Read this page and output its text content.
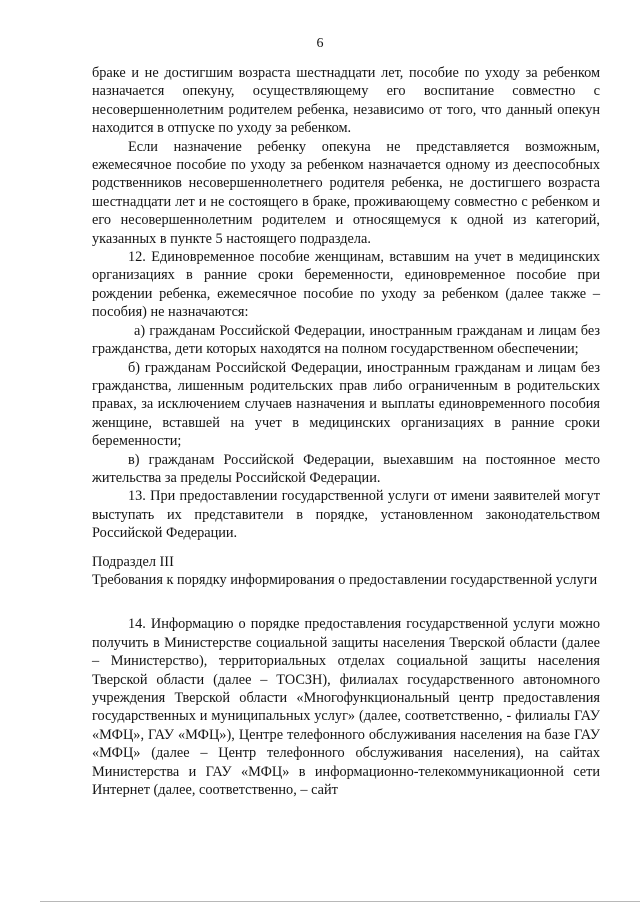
6

браке и не достигшим возраста шестнадцати лет, пособие по уходу за ребенком назначается опекуну, осуществляющему его воспитание совместно с несовершеннолетним родителем ребенка, независимо от того, что данный опекун находится в отпуске по уходу за ребенком.

Если назначение ребенку опекуна не представляется возможным, ежемесячное пособие по уходу за ребенком назначается одному из дееспособных родственников несовершеннолетнего родителя ребенка, не достигшего возраста шестнадцати лет и не состоящего в браке, проживающему совместно с ребенком и его несовершеннолетним родителем и относящемуся к одной из категорий, указанных в пункте 5 настоящего подраздела.

12. Единовременное пособие женщинам, вставшим на учет в медицинских организациях в ранние сроки беременности, единовременное пособие при рождении ребенка, ежемесячное пособие по уходу за ребенком (далее также – пособия) не назначаются:

а) гражданам Российской Федерации, иностранным гражданам и лицам без гражданства, дети которых находятся на полном государственном обеспечении;

б) гражданам Российской Федерации, иностранным гражданам и лицам без гражданства, лишенным родительских прав либо ограниченным в родительских правах, за исключением случаев назначения и выплаты единовременного пособия женщине, вставшей на учет в медицинских организациях в ранние сроки беременности;

в) гражданам Российской Федерации, выехавшим на постоянное место жительства за пределы Российской Федерации.

13. При предоставлении государственной услуги от имени заявителей могут выступать их представители в порядке, установленном законодательством Российской Федерации.

Подраздел III

Требования к порядку информирования о предоставлении государственной услуги

14. Информацию о порядке предоставления государственной услуги можно получить в Министерстве социальной защиты населения Тверской области (далее – Министерство), территориальных отделах социальной защиты населения Тверской области (далее – ТОСЗН), филиалах государственного автономного учреждения Тверской области «Многофункциональный центр предоставления государственных и муниципальных услуг» (далее, соответственно, - филиалы ГАУ «МФЦ», ГАУ «МФЦ»), Центре телефонного обслуживания населения на базе ГАУ «МФЦ» (далее – Центр телефонного обслуживания населения), на сайтах Министерства и ГАУ «МФЦ» в информационно-телекоммуникационной сети Интернет (далее, соответственно, – сайт
